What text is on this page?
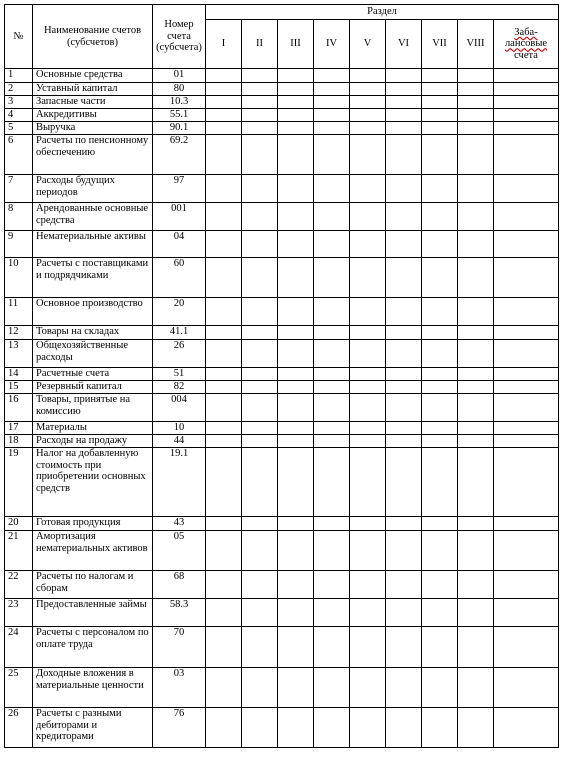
№	Наименование счетов (субсчетов)	Номер счета (субсчета)	Раздел								
			I	II	III	IV	V	VI	VII	VIII	Заба-
лансовые
счета
1	Основные средства	01									
2	Уставный капитал	80									
3	Запасные части	10.3									
4	Аккредитивы	55.1									
5	Выручка	90.1									
6	Расчеты по пенсионному обеспечению	69.2									
7	Расходы будущих периодов	97									
8	Арендованные основные средства	001									
9	Нематериальные активы	04									
10	Расчеты с поставщиками и подрядчиками	60									
11	Основное производство	20									
12	Товары на складах	41.1									
13	Общехозяйственные расходы	26									
14	Расчетные счета	51									
15	Резервный капитал	82									
16	Товары, принятые на комиссию	004									
17	Материалы	10									
18	Расходы на продажу	44									
19	Налог на добавленную стоимость при приобретении основных средств	19.1									
20	Готовая продукция	43									
21	Амортизация нематериальных активов	05									
22	Расчеты по налогам и сборам	68									
23	Предоставленные займы	58.3									
24	Расчеты с персоналом по оплате труда	70									
25	Доходные вложения в материальные ценности	03									
26	Расчеты с разными дебиторами и кредиторами	76									
